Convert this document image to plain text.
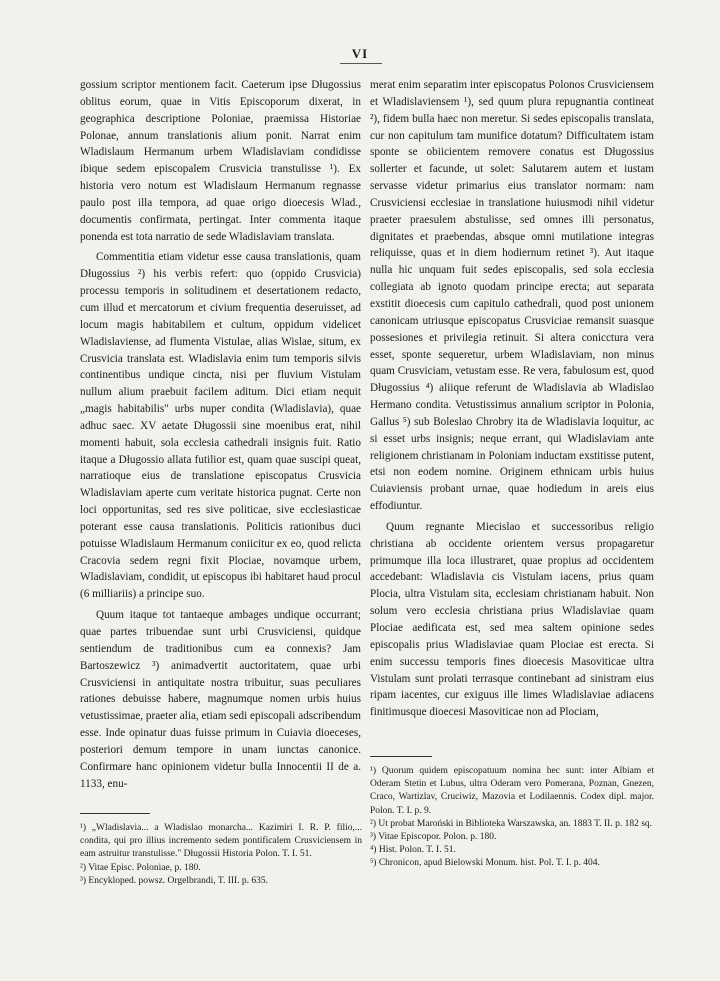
VI

gossium scriptor mentionem facit. Caeterum ipse Długossius oblitus eorum, quae in Vitis Episcoporum dixerat, in geographica descriptione Poloniae, praemissa Historiae Polonae, annum translationis alium ponit. Narrat enim Wladislaum Hermanum urbem Wladislaviam condidisse ibique sedem episcopalem Crusvicia transtulisse ¹). Ex historia vero notum est Wladislaum Hermanum regnasse paulo post illa tempora, ad quae origo dioecesis Wlad., documentis confirmata, pertingat. Inter commenta itaque ponenda est tota narratio de sede Wladislaviam translata.

Commentitia etiam videtur esse causa translationis, quam Długossius ²) his verbis refert: quo (oppido Crusvicia) processu temporis in solitudinem et desertationem redacto, cum illud et mercatorum et civium frequentia deseruisset, ad locum magis habitabilem et cultum, oppidum videlicet Wladislaviense, ad flumenta Vistulae, alias Wislae, situm, ex Crusvicia translata est. Wladislavia enim tum temporis silvis continentibus undique cincta, nisi per fluvium Vistulam nullum alium praebuit facilem aditum. Dici etiam nequit „magis habitabilis" urbs nuper condita (Wladislavia), quae adhuc saec. XV aetate Długossii sine moenibus erat, nihil momenti habuit, sola ecclesia cathedrali insignis fuit. Ratio itaque a Długossio allata futilior est, quam quae suscipi queat, narratioque eius de translatione episcopatus Crusvicia Wladislaviam aperte cum veritate historica pugnat. Certe non loci opportunitas, sed res sive politicae, sive ecclesiasticae poterant esse causa translationis. Politicis rationibus duci potuisse Wladislaum Hermanum coniicitur ex eo, quod relicta Cracovia sedem regni fixit Plociae, novamque urbem, Wladislaviam, condidit, ut episcopus ibi habitaret haud procul (6 milliariis) a principe suo.

Quum itaque tot tantaeque ambages undique occurrant; quae partes tribuendae sunt urbi Crusviciensi, quidque sentiendum de traditionibus cum ea connexis? Jam Bartoszewicz ³) animadvertit auctoritatem, quae urbi Crusviciensi in antiquitate nostra tribuitur, suas peculiares rationes debuisse habere, magnumque nomen urbis huius vetustissimae, praeter alia, etiam sedi episcopali adscribendum esse. Inde opinatur duas fuisse primum in Cuiavia dioeceses, posteriori demum tempore in unam iunctas canonice. Confirmare hanc opinionem videtur bulla Innocentii II de a. 1133, enu-

merat enim separatim inter episcopatus Polonos Crusviciensem et Wladislaviensem ¹), sed quum plura repugnantia contineat ²), fidem bulla haec non meretur. Si sedes episcopalis translata, cur non capitulum tam munifice dotatum? Difficultatem istam sponte se obiicientem removere conatus est Długossius sollerter et facunde, ut solet: Salutarem autem et iustam servasse videtur primarius eius translator normam: nam Crusviciensi ecclesiae in translatione huiusmodi nihil videtur praeter praesulem abstulisse, sed omnes illi personatus, dignitates et praebendas, absque omni mutilatione integras reliquisse, quas et in diem hodiernum retinet ³). Aut itaque nulla hic unquam fuit sedes episcopalis, sed sola ecclesia collegiata ab ignoto quodam principe erecta; aut separata exstitit dioecesis cum capitulo cathedrali, quod post unionem canonicam utriusque episcopatus Crusviciae remansit suasque possesiones et privilegia retinuit. Si altera conicctura vera esset, sponte sequeretur, urbem Wladislaviam, non minus quam Crusviciam, vetustam esse. Re vera, fabulosum est, quod Długossius ⁴) aliique referunt de Wladislavia ab Wladislao Hermano condita. Vetustissimus annalium scriptor in Polonia, Gallus ⁵) sub Boleslao Chrobry ita de Wladislavia loquitur, ac si esset urbs insignis; neque errant, qui Wladislaviam ante religionem christianam in Poloniam inductam exstitisse putent, etsi non eodem nomine. Originem ethnicam urbis huius Cuiaviensis probant urnae, quae hodiedum in areis eius effodiuntur.

Quum regnante Miecislao et successoribus religio christiana ab occidente orientem versus propagaretur primumque illa loca illustraret, quae propius ad occidentem accedebant: Wladislavia cis Vistulam iacens, prius quam Plocia, ultra Vistulam sita, ecclesiam christianam habuit. Non solum vero ecclesia christiana prius Wladislaviae quam Plociae aedificata est, sed mea saltem opinione sedes episcopalis prius Wladislaviae quam Plociae est erecta. Si enim successu temporis fines dioecesis Masoviticae ultra Vistulam sunt prolati terrasque continebant ad sinistram eius ripam iacentes, cur exiguus ille limes Wladislaviae adiacens finitimusque dioecesi Masoviticae non ad Plociam,

¹) „Wladislavia... a Wladislao monarcha... Kazimiri I. R. P. filio,... condita, qui pro illius incremento sedem pontificalem Crusviciensem in eam astruitur transtulisse." Długossii Historia Polon. T. I. 51.

²) Vitae Episc. Poloniae, p. 180.

³) Encykloped. powsz. Orgelbrandi, T. III. p. 635.

¹) Quorum quidem episcopatuum nomina hec sunt: inter Albiam et Oderam Stetin et Lubus, ultra Oderam vero Pomerana, Poznan, Gnezen, Craco, Wartizlav, Cruciwiz, Mazovia et Lodilaennis. Codex dipl. major. Polon. T. I. p. 9.

²) Ut probat Maroński in Biblioteka Warszawska, an. 1883 T. II. p. 182 sq.

³) Vitae Episcopor. Polon. p. 180.

⁴) Hist. Polon. T. I. 51.

⁵) Chronicon, apud Bielowski Monum. hist. Pol. T. I. p. 404.
